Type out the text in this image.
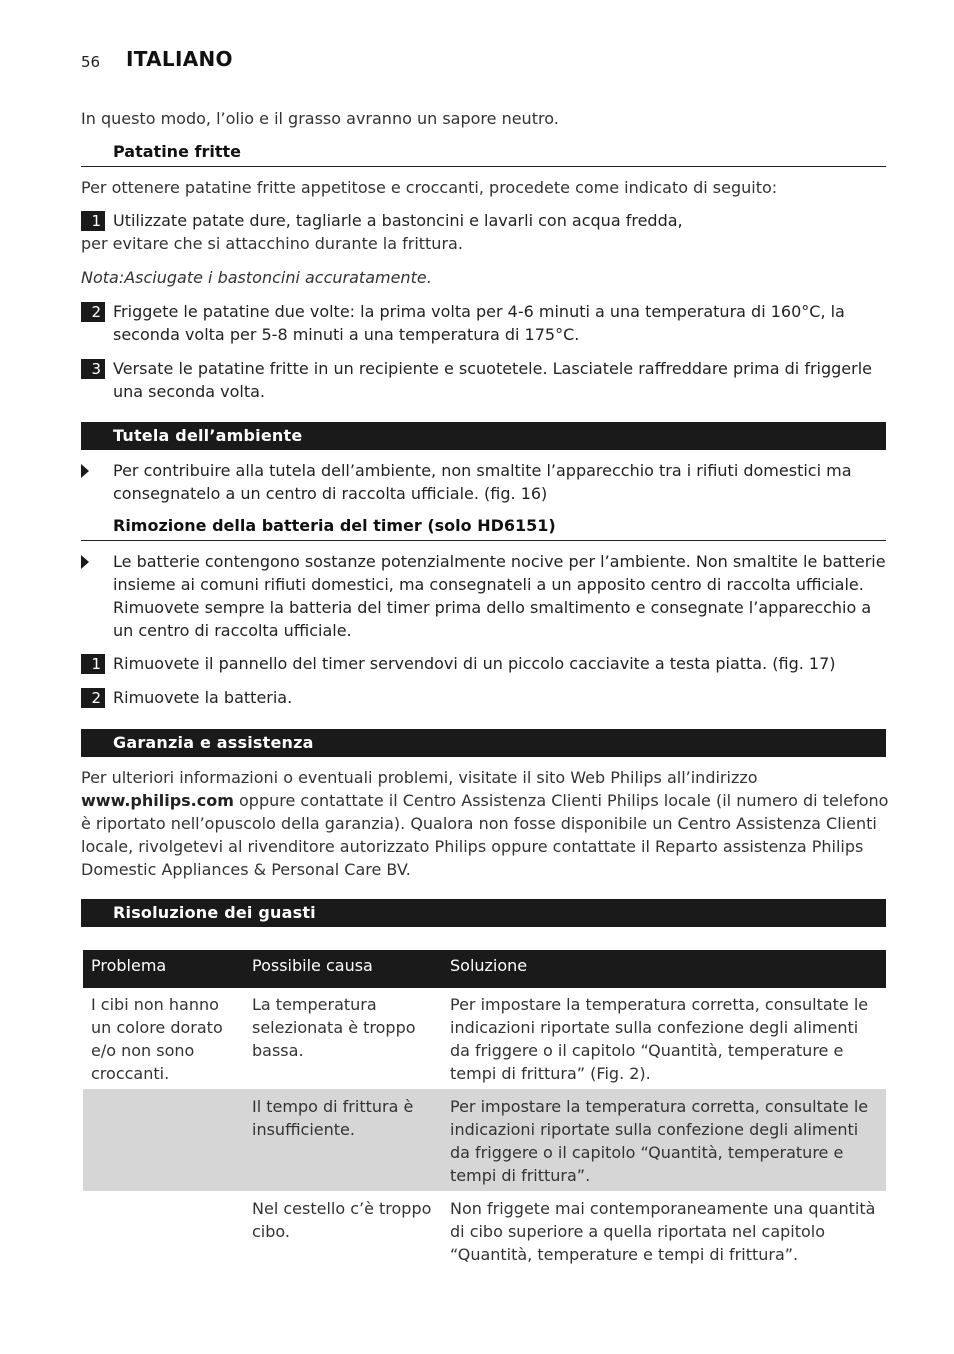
56 ITALIANO
In questo modo, l’olio e il grasso avranno un sapore neutro.
Patatine fritte
Per ottenere patatine fritte appetitose e croccanti, procedete come indicato di seguito:
1 Utilizzate patate dure, tagliarle a bastoncini e lavarli con acqua fredda,
per evitare che si attacchino durante la frittura.
Nota:Asciugate i bastoncini accuratamente.
2 Friggete le patatine due volte: la prima volta per 4-6 minuti a una temperatura di 160°C, la seconda volta per 5-8 minuti a una temperatura di 175°C.
3 Versate le patatine fritte in un recipiente e scuotetele. Lasciatele raffreddare prima di friggerle una seconda volta.
Tutela dell’ambiente
Per contribuire alla tutela dell’ambiente, non smaltite l’apparecchio tra i rifiuti domestici ma consegnatelo a un centro di raccolta ufficiale. (fig. 16)
Rimozione della batteria del timer (solo HD6151)
Le batterie contengono sostanze potenzialmente nocive per l’ambiente. Non smaltite le batterie insieme ai comuni rifiuti domestici, ma consegnateli a un apposito centro di raccolta ufficiale. Rimuovete sempre la batteria del timer prima dello smaltimento e consegnate l’apparecchio a un centro di raccolta ufficiale.
1 Rimuovete il pannello del timer servendovi di un piccolo cacciavite a testa piatta. (fig. 17)
2 Rimuovete la batteria.
Garanzia e assistenza
Per ulteriori informazioni o eventuali problemi, visitate il sito Web Philips all’indirizzo
www.philips.com oppure contattate il Centro Assistenza Clienti Philips locale (il numero di telefono è riportato nell’opuscolo della garanzia). Qualora non fosse disponibile un Centro Assistenza Clienti locale, rivolgetevi al rivenditore autorizzato Philips oppure contattate il Reparto assistenza Philips Domestic Appliances & Personal Care BV.
Risoluzione dei guasti
Problema	Possibile causa	Soluzione
I cibi non hanno un colore dorato e/o non sono croccanti.
La temperatura selezionata è troppo bassa.
Per impostare la temperatura corretta, consultate le indicazioni riportate sulla confezione degli alimenti da friggere o il capitolo “Quantità, temperature e tempi di frittura” (Fig. 2).
Il tempo di frittura è insufficiente.
Per impostare la temperatura corretta, consultate le indicazioni riportate sulla confezione degli alimenti da friggere o il capitolo “Quantità, temperature e tempi di frittura”.
Nel cestello c’è troppo cibo.
Non friggete mai contemporaneamente una quantità di cibo superiore a quella riportata nel capitolo “Quantità, temperature e tempi di frittura”.
